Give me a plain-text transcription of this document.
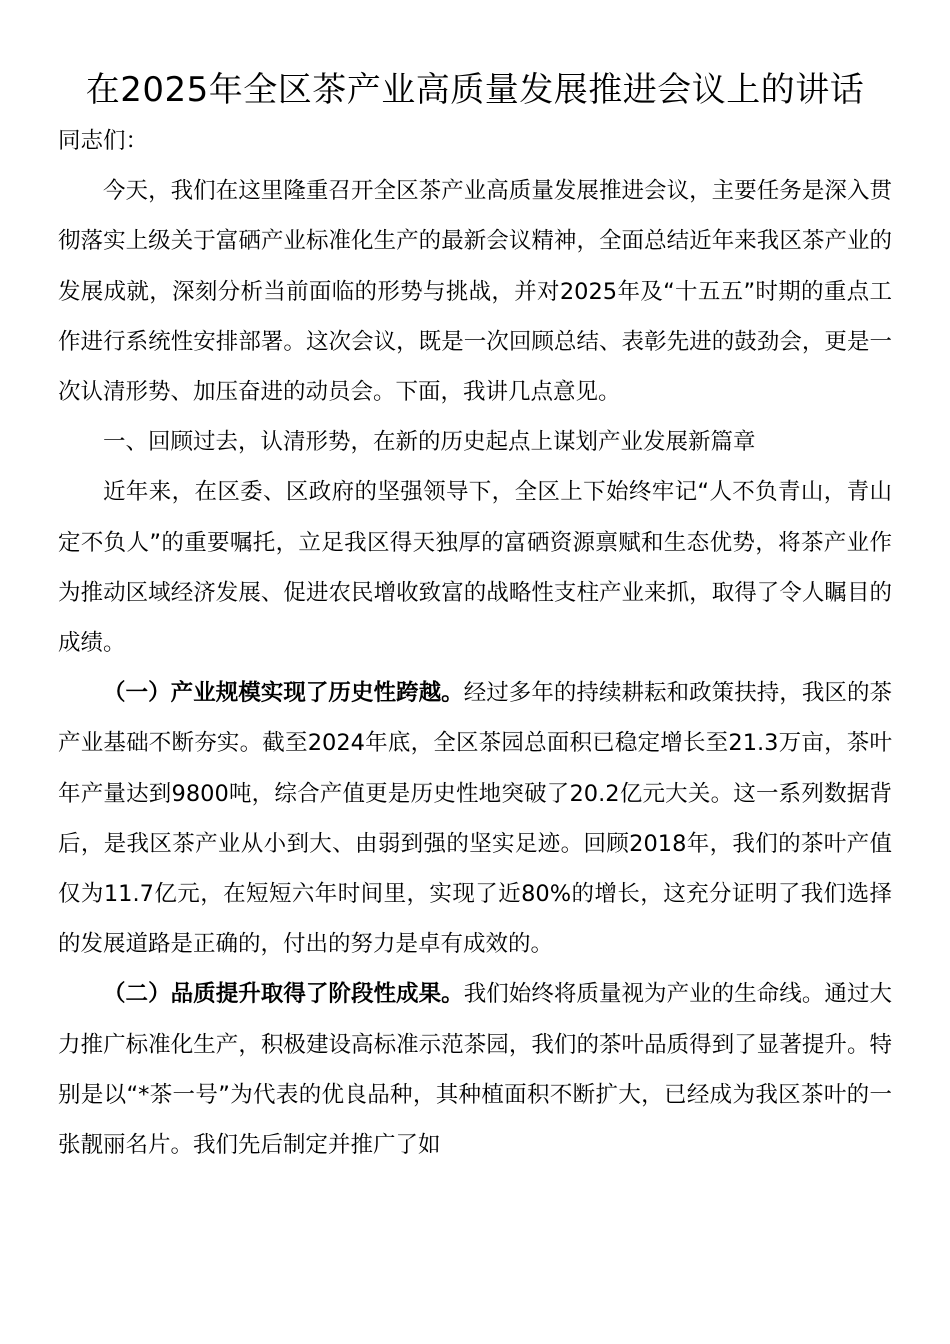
在2025年全区茶产业高质量发展推进会议上的讲话

同志们：

今天，我们在这里隆重召开全区茶产业高质量发展推进会议，主要任务是深入贯彻落实上级关于富硒产业标准化生产的最新会议精神，全面总结近年来我区茶产业的发展成就，深刻分析当前面临的形势与挑战，并对2025年及“十五五”时期的重点工作进行系统性安排部署。这次会议，既是一次回顾总结、表彰先进的鼓劲会，更是一次认清形势、加压奋进的动员会。下面，我讲几点意见。

一、回顾过去，认清形势，在新的历史起点上谋划产业发展新篇章

近年来，在区委、区政府的坚强领导下，全区上下始终牢记“人不负青山，青山定不负人”的重要嘱托，立足我区得天独厚的富硒资源禀赋和生态优势，将茶产业作为推动区域经济发展、促进农民增收致富的战略性支柱产业来抓，取得了令人瞩目的成绩。

（一）产业规模实现了历史性跨越。经过多年的持续耕耘和政策扶持，我区的茶产业基础不断夯实。截至2024年底，全区茶园总面积已稳定增长至21.3万亩，茶叶年产量达到9800吨，综合产值更是历史性地突破了20.2亿元大关。这一系列数据背后，是我区茶产业从小到大、由弱到强的坚实足迹。回顾2018年，我们的茶叶产值仅为11.7亿元，在短短六年时间里，实现了近80%的增长，这充分证明了我们选择的发展道路是正确的，付出的努力是卓有成效的。

（二）品质提升取得了阶段性成果。我们始终将质量视为产业的生命线。通过大力推广标准化生产，积极建设高标准示范茶园，我们的茶叶品质得到了显著提升。特别是以“*茶一号”为代表的优良品种，其种植面积不断扩大，已经成为我区茶叶的一张靓丽名片。我们先后制定并推广了如
